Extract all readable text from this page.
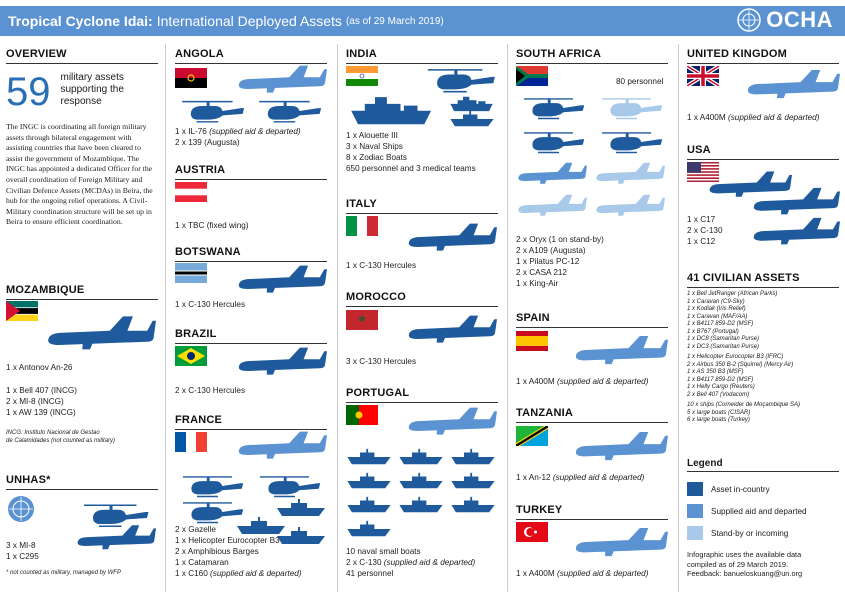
Tropical Cyclone Idai: International Deployed Assets (as of 29 March 2019)	OCHA
OVERVIEW
59 military assets supporting the response
The INGC is coordinating all foreign military assets through bilateral engagement with assisting countries that have been cleared to assist the government of Mozambique. The INGC has appointed a dedicated Officer for the overall coordination of Foreign Military and Civilian Defence Assets (MCDAs) in Beira, the hub for the ongoing relief operations. A Civil-Military coordination structure will be set up in Beira to ensure efficient coordination.
MOZAMBIQUE
1 x Antonov An-26
1 x Bell 407 (INCG)
2 x MI-8 (INCG)
1 x AW 139 (INCG)
INCG: Instituto Nacional de Gestao
de Calamidades (not counted as military)
UNHAS*
3 x MI-8
1 x C295
* not counted as military, managed by WFP
ANGOLA
1 x IL-76 (supplied aid & departed)
2 x 139 (Augusta)
AUSTRIA
1 x TBC (fixed wing)
BOTSWANA
1 x C-130 Hercules
BRAZIL
2 x C-130 Hercules
FRANCE
2 x Gazelle
1 x Helicopter Eurocopter B3
2 x Amphibious Barges
1 x Catamaran
1 x C160 (supplied aid & departed)
INDIA
1 x Alouette III
3 x Naval Ships
8 x Zodiac Boats
650 personnel and 3 medical teams
ITALY
1 x C-130 Hercules
MOROCCO
3 x C-130 Hercules
PORTUGAL
10 naval small boats
2 x C-130 (supplied aid & departed)
41 personnel
SOUTH AFRICA
80 personnel
2 x Oryx (1 on stand-by)
2 x A109 (Augusta)
1 x Pilatus PC-12
2 x CASA 212
1 x King-Air
SPAIN
1 x A400M (supplied aid & departed)
TANZANIA
1 x An-12 (supplied aid & departed)
TURKEY
1 x A400M (supplied aid & departed)
UNITED KINGDOM
1 x A400M (supplied aid & departed)
USA
1 x C17
2 x C-130
1 x C12
41 CIVILIAN ASSETS
1 x Bell JetRanger (African Parks)
1 x Caravan (C9-Sky)
1 x Kodiak (Iris Relief)
1 x Caravan (MAF/AA)
1 x B4117 859-D2 (MSF)
1 x B767 (Portugal)
1 x DC8 (Samaritan Purse)
1 x DC3 (Samaritan Purse)
1 x Helicopter Eurocopter B3 (IFRC)
2 x Airbus 350 B-2 (Squirrel) (Mercy Air)
1 x AS 350 B3 (MSF)
1 x B4117 859-D2 (MSF)
1 x Helly Cargo (Reuters)
2 x Bell 407 (Vodacom)
10 x ships (Corneider de Moçambique SA)
5 x large boats (CISAR)
6 x large boats (Turkey)
Legend
Asset in-country
Supplied aid and departed
Stand-by or incoming
Infographic uses the available data
compiled as of 29 March 2019.
Feedback: banueloskuang@un.org
